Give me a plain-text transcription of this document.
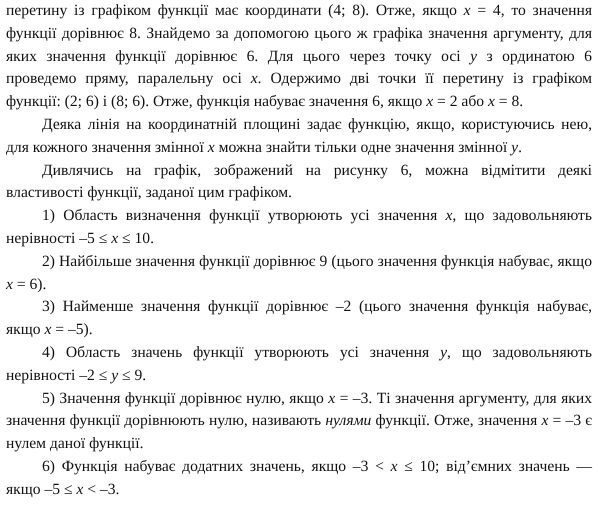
перетину із графіком функції має координати (4; 8). Отже, якщо x = 4, то значення функції дорівнює 8. Знайдемо за допомогою цього ж графіка значення аргументу, для яких значення функції дорівнює 6. Для цього через точку осі y з ординатою 6 проведемо пряму, паралельну осі x. Одержимо дві точки її перетину із графіком функції: (2; 6) і (8; 6). Отже, функція набуває значення 6, якщо x = 2 або x = 8.

Деяка лінія на координатній площині задає функцію, якщо, користуючись нею, для кожного значення змінної x можна знайти тільки одне значення змінної y.

Дивлячись на графік, зображений на рисунку 6, можна відмітити деякі властивості функції, заданої цим графіком.

1) Область визначення функції утворюють усі значення x, що задовольняють нерівності –5 ≤ x ≤ 10.

2) Найбільше значення функції дорівнює 9 (цього значення функція набуває, якщо x = 6).

3) Найменше значення функції дорівнює –2 (цього значення функція набуває, якщо x = –5).

4) Область значень функції утворюють усі значення y, що задовольняють нерівності –2 ≤ y ≤ 9.

5) Значення функції дорівнює нулю, якщо x = –3. Ті значення аргументу, для яких значення функції дорівнюють нулю, називають нулями функції. Отже, значення x = –3 є нулем даної функції.

6) Функція набуває додатних значень, якщо –3 < x ≤ 10; від’ємних значень — якщо –5 ≤ x < –3.
